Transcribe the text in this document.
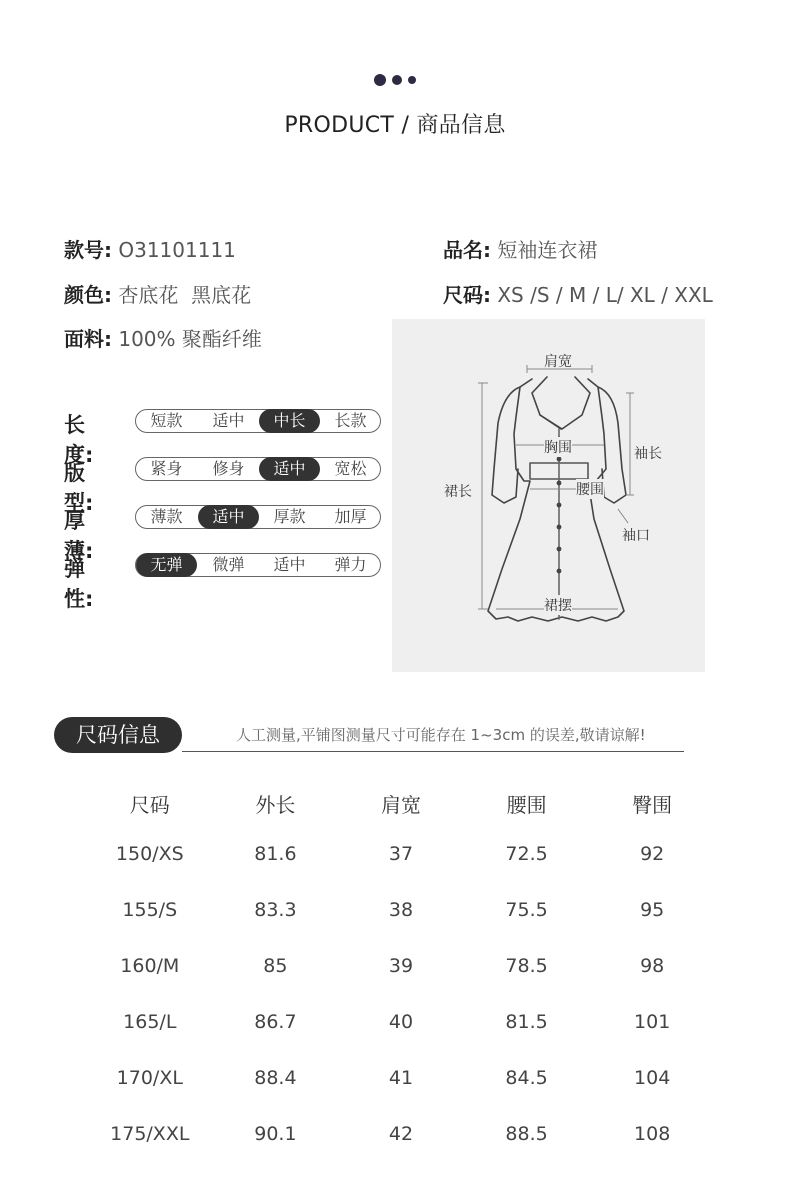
PRODUCT / 商品信息
款号: O31101111	品名: 短袖连衣裙
颜色: 杏底花  黑底花	尺码: XS /S / M / L/ XL / XXL
面料: 100% 聚酯纤维
长度:
短款	适中	中长	长款
版型:
紧身	修身	适中	宽松
厚薄:
薄款	适中	厚款	加厚
弹性:
无弹	微弹	适中	弹力
肩宽
胸围	袖长
腰围
裙长
袖口
裙摆
尺码信息	人工测量,平铺图测量尺寸可能存在 1~3cm 的误差,敬请谅解!
尺码	外长	肩宽	腰围	臀围
150/XS	81.6	37	72.5	92
155/S	83.3	38	75.5	95
160/M	85	39	78.5	98
165/L	86.7	40	81.5	101
170/XL	88.4	41	84.5	104
175/XXL	90.1	42	88.5	108
